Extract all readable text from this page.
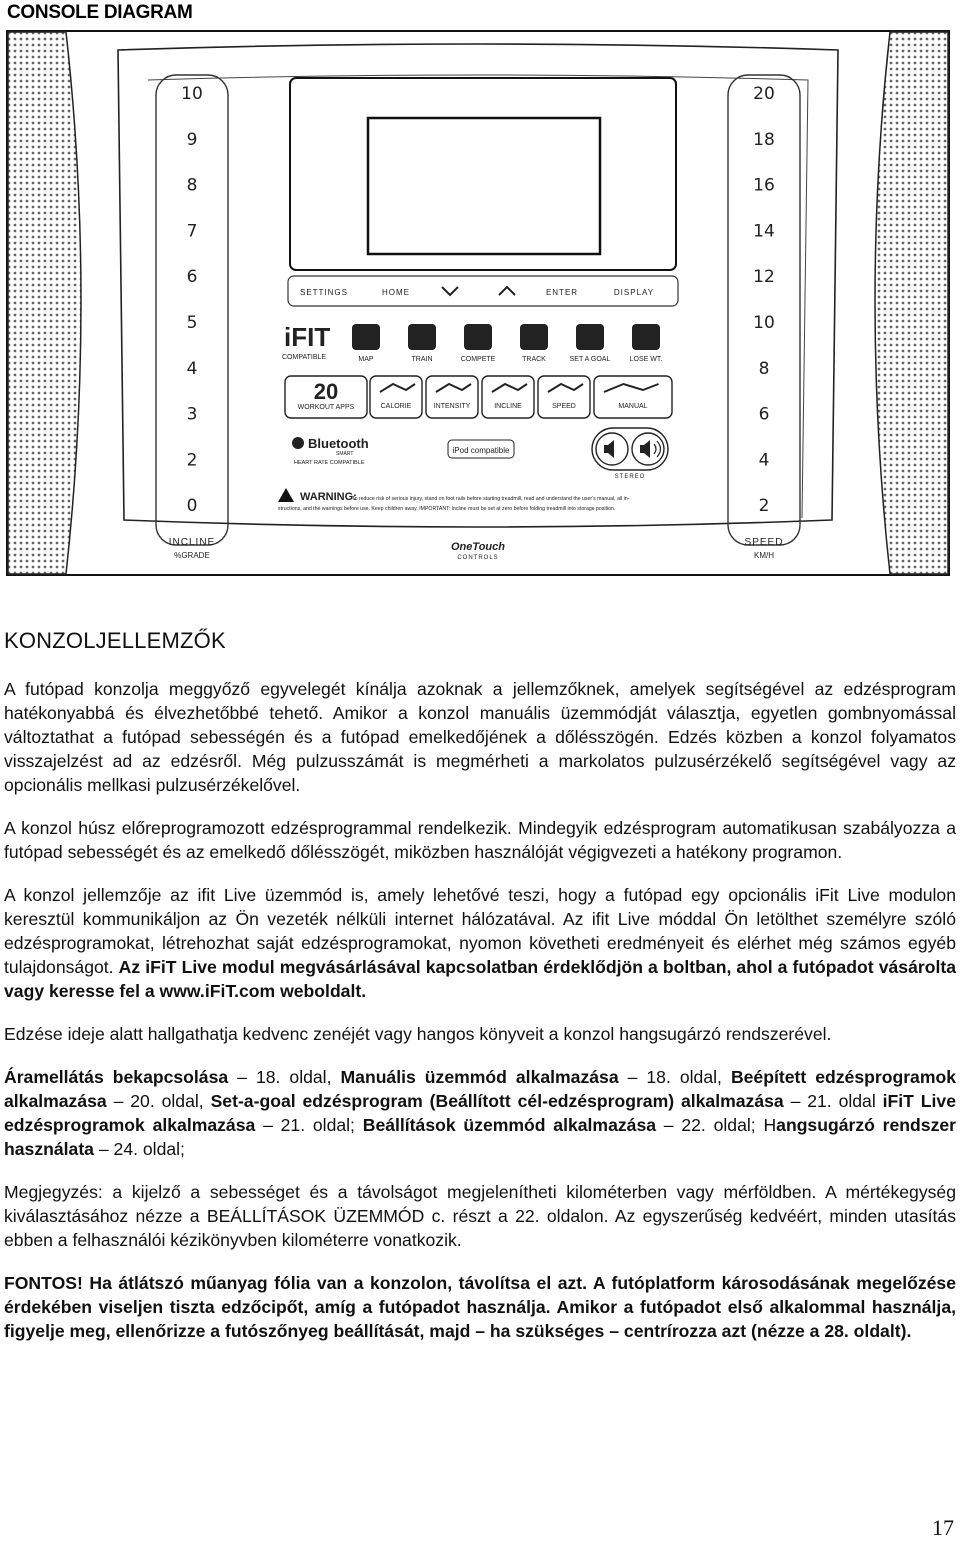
CONSOLE DIAGRAM
10
9
8
7
6
5
4
3
2
0
20
18
16
14
12
10
8
6
4
2
INCLINE
%GRADE
SPEED
KM/H
SETTINGS	HOME	ENTER	DISPLAY
iFIT
COMPATIBLE	MAP	TRAIN	COMPETE	TRACK	SET A GOAL	LOSE WT.
20
WORKOUT APPS	CALORIE	INTENSITY	INCLINE	SPEED	MANUAL
Bluetooth
SMART
HEART RATE COMPATIBLE
iPod compatible
STEREO
WARNING:
To reduce risk of serious injury, stand on foot rails before starting treadmill, read and understand the user's manual, all in-
structions, and the warnings before use. Keep children away. IMPORTANT: Incline must be set at zero before folding treadmill into storage position.
OneTouch
CONTROLS
KONZOLJELLEMZŐK

A futópad konzolja meggyőző egyvelegét kínálja azoknak a jellemzőknek, amelyek segítségével az edzésprogram hatékonyabbá és élvezhetőbbé tehető. Amikor a konzol manuális üzemmódját választja, egyetlen gombnyomással változtathat a futópad sebességén és a futópad emelkedőjének a dőlésszögén. Edzés közben a konzol folyamatos visszajelzést ad az edzésről. Még pulzusszámát is megmérheti a markolatos pulzusérzékelő segítségével vagy az opcionális mellkasi pulzusérzékelővel.

A konzol húsz előreprogramozott edzésprogrammal rendelkezik. Mindegyik edzésprogram automatikusan szabályozza a futópad sebességét és az emelkedő dőlésszögét, miközben használóját végigvezeti a hatékony programon.

A konzol jellemzője az ifit Live üzemmód is, amely lehetővé teszi, hogy a futópad egy opcionális iFit Live modulon keresztül kommunikáljon az Ön vezeték nélküli internet hálózatával. Az ifit Live móddal Ön letölthet személyre szóló edzésprogramokat, létrehozhat saját edzésprogramokat, nyomon követheti eredményeit és elérhet még számos egyéb tulajdonságot. Az iFiT Live modul megvásárlásával kapcsolatban érdeklődjön a boltban, ahol a futópadot vásárolta vagy keresse fel a www.iFiT.com weboldalt.

Edzése ideje alatt hallgathatja kedvenc zenéjét vagy hangos könyveit a konzol hangsugárzó rendszerével.

Áramellátás bekapcsolása – 18. oldal, Manuális üzemmód alkalmazása – 18. oldal, Beépített edzésprogramok alkalmazása – 20. oldal, Set-a-goal edzésprogram (Beállított cél-edzésprogram) alkalmazása – 21. oldal iFiT Live edzésprogramok alkalmazása – 21. oldal; Beállítások üzemmód alkalmazása – 22. oldal; Hangsugárzó rendszer használata – 24. oldal;

Megjegyzés: a kijelző a sebességet és a távolságot megjelenítheti kilométerben vagy mérföldben. A mértékegység kiválasztásához nézze a BEÁLLÍTÁSOK ÜZEMMÓD c. részt a 22. oldalon. Az egyszerűség kedvéért, minden utasítás ebben a felhasználói kézikönyvben kilométerre vonatkozik.

FONTOS! Ha átlátszó műanyag fólia van a konzolon, távolítsa el azt. A futóplatform károsodásának megelőzése érdekében viseljen tiszta edzőcipőt, amíg a futópadot használja. Amikor a futópadot első alkalommal használja, figyelje meg, ellenőrizze a futószőnyeg beállítását, majd – ha szükséges – centrírozza azt (nézze a 28. oldalt).

17
